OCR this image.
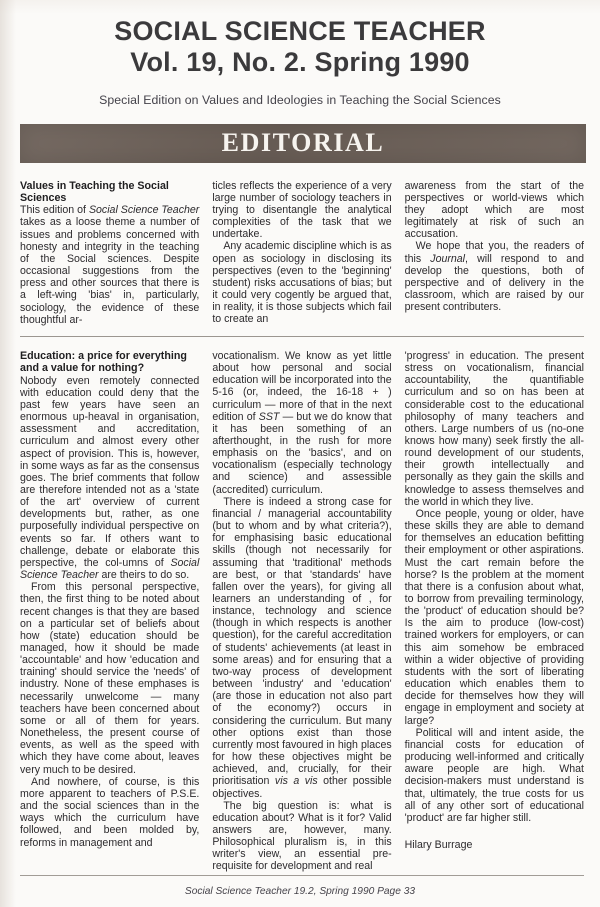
SOCIAL SCIENCE TEACHER
Vol. 19, No. 2. Spring 1990
Special Edition on Values and Ideologies in Teaching the Social Sciences
EDITORIAL
Values in Teaching the Social Sciences

This edition of Social Science Teacher takes as a loose theme a number of issues and problems concerned with honesty and integrity in the teaching of the Social sciences. Despite occasional suggestions from the press and other sources that there is a left-wing 'bias' in, particularly, sociology, the evidence of these thoughtful ar-

ticles reflects the experience of a very large number of sociology teachers in trying to disentangle the analytical complexities of the task that we undertake.

Any academic discipline which is as open as sociology in disclosing its perspectives (even to the 'beginning' student) risks accusations of bias; but it could very cogently be argued that, in reality, it is those subjects which fail to create an

awareness from the start of the perspectives or world-views which they adopt which are most legitimately at risk of such an accusation.

We hope that you, the readers of this Journal, will respond to and develop the questions, both of perspective and of delivery in the classroom, which are raised by our present contributers.

Education: a price for everything and a value for nothing?

Nobody even remotely connected with education could deny that the past few years have seen an enormous up-heaval in organisation, assessment and accreditation, curriculum and almost every other aspect of provision. This is, however, in some ways as far as the consensus goes. The brief comments that follow are therefore intended not as a 'state of the art' overview of current developments but, rather, as one purposefully individual perspective on events so far. If others want to challenge, debate or elaborate this perspective, the col-umns of Social Science Teacher are theirs to do so.

From this personal perspective, then, the first thing to be noted about recent changes is that they are based on a particular set of beliefs about how (state) education should be managed, how it should be made 'accountable' and how 'education and training' should service the 'needs' of industry. None of these emphases is necessarily unwelcome — many teachers have been concerned about some or all of them for years. Nonetheless, the present course of events, as well as the speed with which they have come about, leaves very much to be desired.

And nowhere, of course, is this more apparent to teachers of P.S.E. and the social sciences than in the ways which the curriculum have followed, and been molded by, reforms in management and

vocationalism. We know as yet little about how personal and social education will be incorporated into the 5-16 (or, indeed, the 16-18 + ) curriculum — more of that in the next edition of SST — but we do know that it has been something of an afterthought, in the rush for more emphasis on the 'basics', and on vocationalism (especially technology and science) and assessible (accredited) curriculum.

There is indeed a strong case for financial / managerial accountability (but to whom and by what criteria?), for emphasising basic educational skills (though not necessarily for assuming that 'traditional' methods are best, or that 'standards' have fallen over the years), for giving all learners an understanding of , for instance, technology and science (though in which respects is another question), for the careful accreditation of students' achievements (at least in some areas) and for ensuring that a two-way process of development between 'industry' and 'education' (are those in education not also part of the economy?) occurs in considering the curriculum. But many other options exist than those currently most favoured in high places for how these objectives might be achieved, and, crucially, for their prioritisation vis a vis other possible objectives.

The big question is: what is education about? What is it for? Valid answers are, however, many. Philosophical pluralism is, in this writer's view, an essential pre-requisite for development and real

'progress' in education. The present stress on vocationalism, financial accountability, the quantifiable curriculum and so on has been at considerable cost to the educational philosophy of many teachers and others. Large numbers of us (no-one knows how many) seek firstly the all-round development of our students, their growth intellectually and personally as they gain the skills and knowledge to assess themselves and the world in which they live.

Once people, young or older, have these skills they are able to demand for themselves an education befitting their employment or other aspirations. Must the cart remain before the horse? Is the problem at the moment that there is a confusion about what, to borrow from prevailing terminology, the 'product' of education should be? Is the aim to produce (low-cost) trained workers for employers, or can this aim somehow be embraced within a wider objective of providing students with the sort of liberating education which enables them to decide for themselves how they will engage in employment and society at large?

Political will and intent aside, the financial costs for education of producing well-informed and critically aware people are high. What decision-makers must understand is that, ultimately, the true costs for us all of any other sort of educational 'product' are far higher still.

Hilary Burrage
Social Science Teacher 19.2, Spring 1990 Page 33
